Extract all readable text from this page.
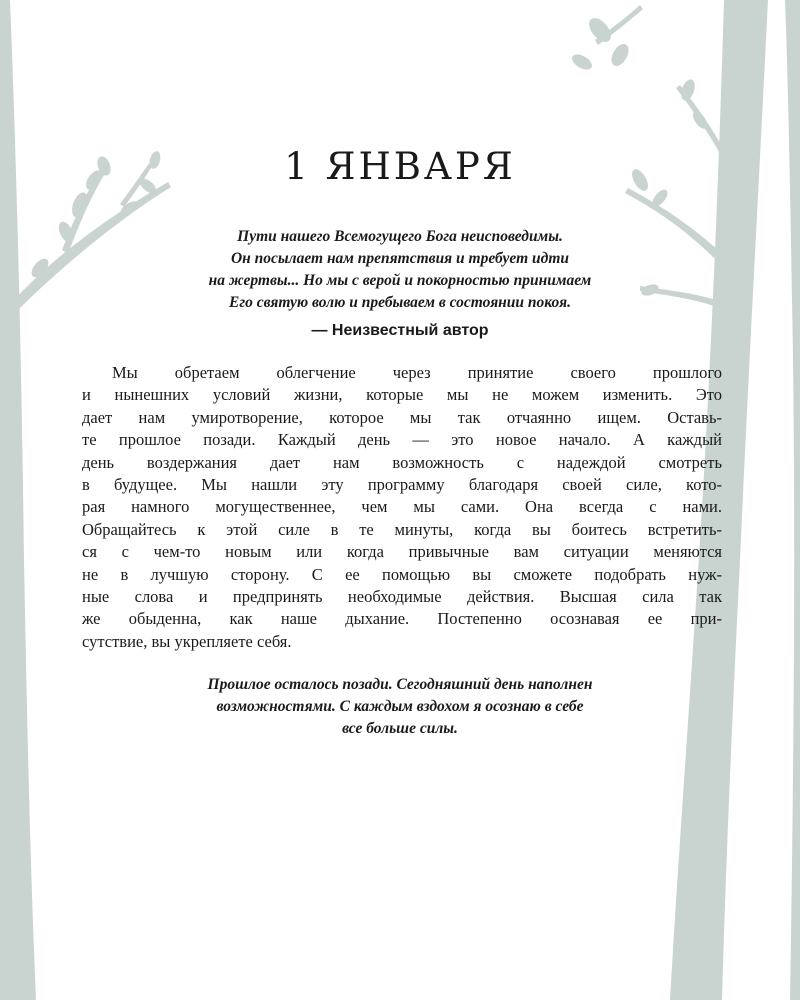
1 ЯНВАРЯ

Пути нашего Всемогущего Бога неисповедимы.
Он посылает нам препятствия и требует идти
на жертвы... Но мы с верой и покорностью принимаем
Его святую волю и пребываем в состоянии покоя.

— Неизвестный автор

Мы обретаем облегчение через принятие своего прошлого
и нынешних условий жизни, которые мы не можем изменить. Это
дает нам умиротворение, которое мы так отчаянно ищем. Оставь-
те прошлое позади. Каждый день — это новое начало. А каждый
день воздержания дает нам возможность с надеждой смотреть
в будущее. Мы нашли эту программу благодаря своей силе, кото-
рая намного могущественнее, чем мы сами. Она всегда с нами.
Обращайтесь к этой силе в те минуты, когда вы боитесь встретить-
ся с чем-то новым или когда привычные вам ситуации меняются
не в лучшую сторону. С ее помощью вы сможете подобрать нуж-
ные слова и предпринять необходимые действия. Высшая сила так
же обыденна, как наше дыхание. Постепенно осознавая ее при-
сутствие, вы укрепляете себя.

Прошлое осталось позади. Сегодняшний день наполнен
возможностями. С каждым вздохом я осознаю в себе
все больше силы.
